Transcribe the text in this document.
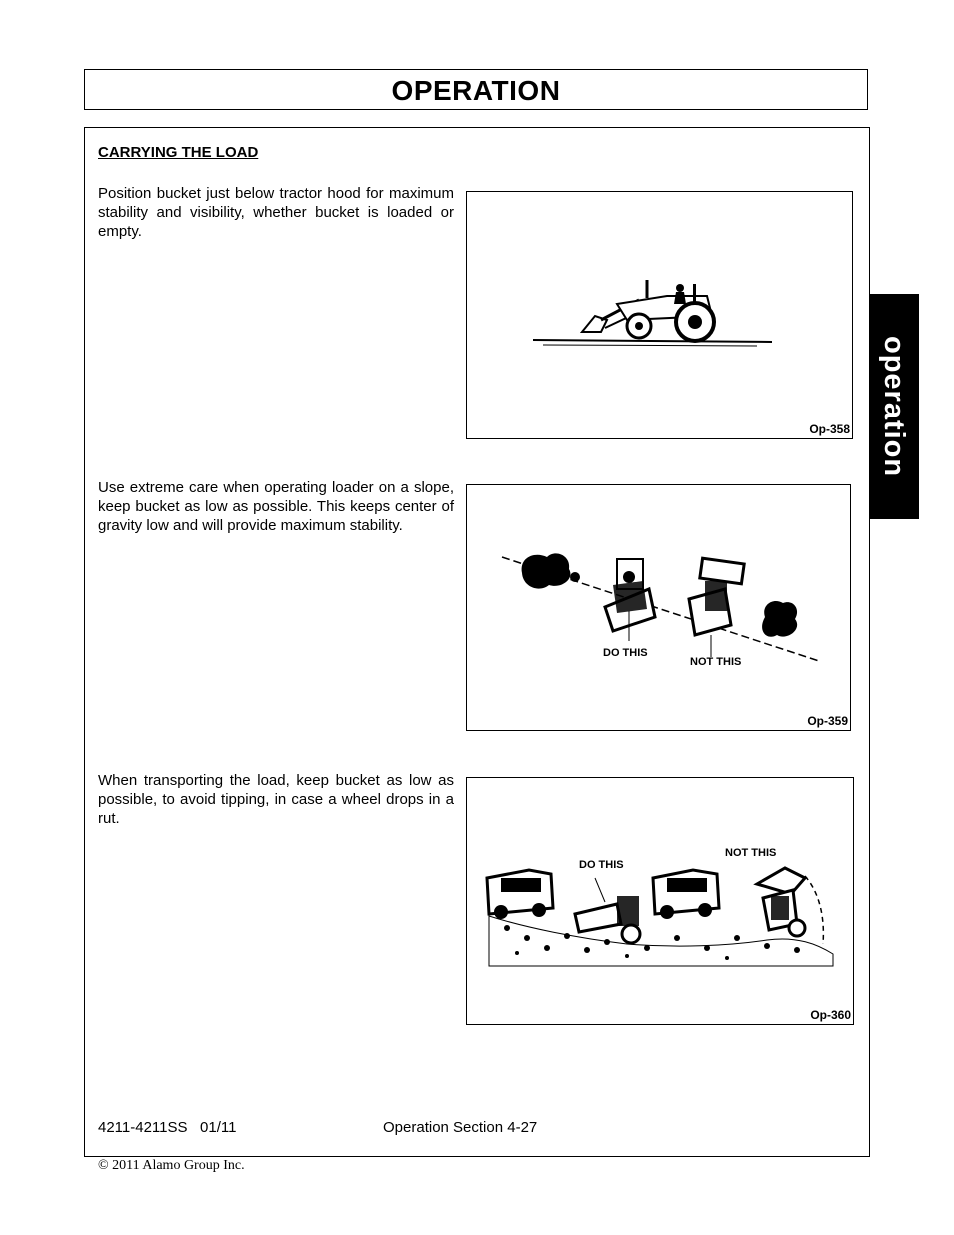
OPERATION
CARRYING THE LOAD
Position bucket just below tractor hood for maximum stability and visibility, whether bucket is loaded or empty.
Use extreme care when operating loader on a slope, keep bucket as low as possible. This keeps center of gravity low and will provide maximum stability.
When transporting the load, keep bucket as low as possible, to avoid tipping, in case a wheel drops in a rut.
Op-358
DO THIS
NOT THIS
Op-359
DO THIS
NOT THIS
Op-360
operation
4211-4211SS   01/11	Operation Section 4-27
© 2011 Alamo Group Inc.
